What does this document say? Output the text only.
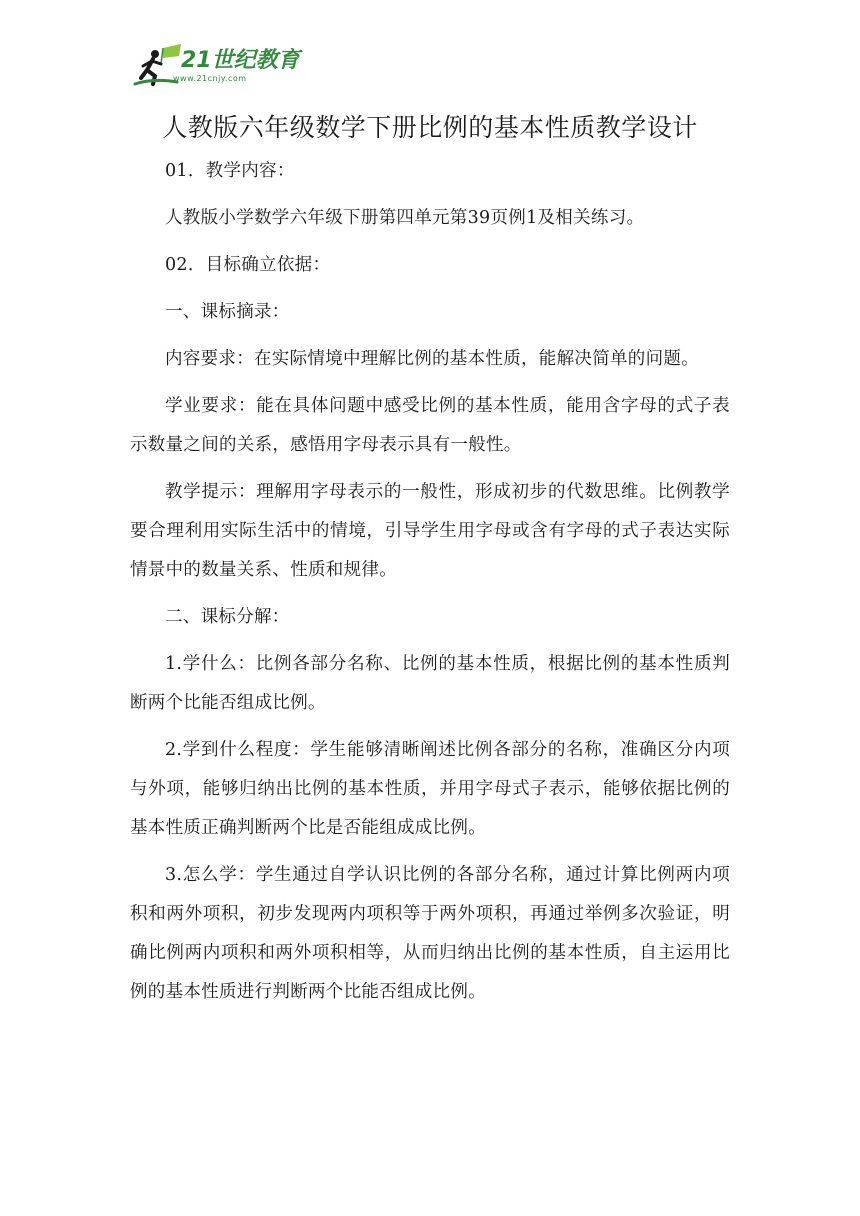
21世纪教育
www.21cnjy.com
人教版六年级数学下册比例的基本性质教学设计

01．教学内容：

人教版小学数学六年级下册第四单元第39页例1及相关练习。

02．目标确立依据：

一、课标摘录：

内容要求：在实际情境中理解比例的基本性质，能解决简单的问题。

学业要求：能在具体问题中感受比例的基本性质，能用含字母的式子表示数量之间的关系，感悟用字母表示具有一般性。

教学提示：理解用字母表示的一般性，形成初步的代数思维。比例教学要合理利用实际生活中的情境，引导学生用字母或含有字母的式子表达实际情景中的数量关系、性质和规律。

二、课标分解：

1.学什么：比例各部分名称、比例的基本性质，根据比例的基本性质判断两个比能否组成比例。

2.学到什么程度：学生能够清晰阐述比例各部分的名称，准确区分内项与外项，能够归纳出比例的基本性质，并用字母式子表示，能够依据比例的基本性质正确判断两个比是否能组成成比例。

3.怎么学：学生通过自学认识比例的各部分名称，通过计算比例两内项积和两外项积，初步发现两内项积等于两外项积，再通过举例多次验证，明确比例两内项积和两外项积相等，从而归纳出比例的基本性质，自主运用比例的基本性质进行判断两个比能否组成比例。
